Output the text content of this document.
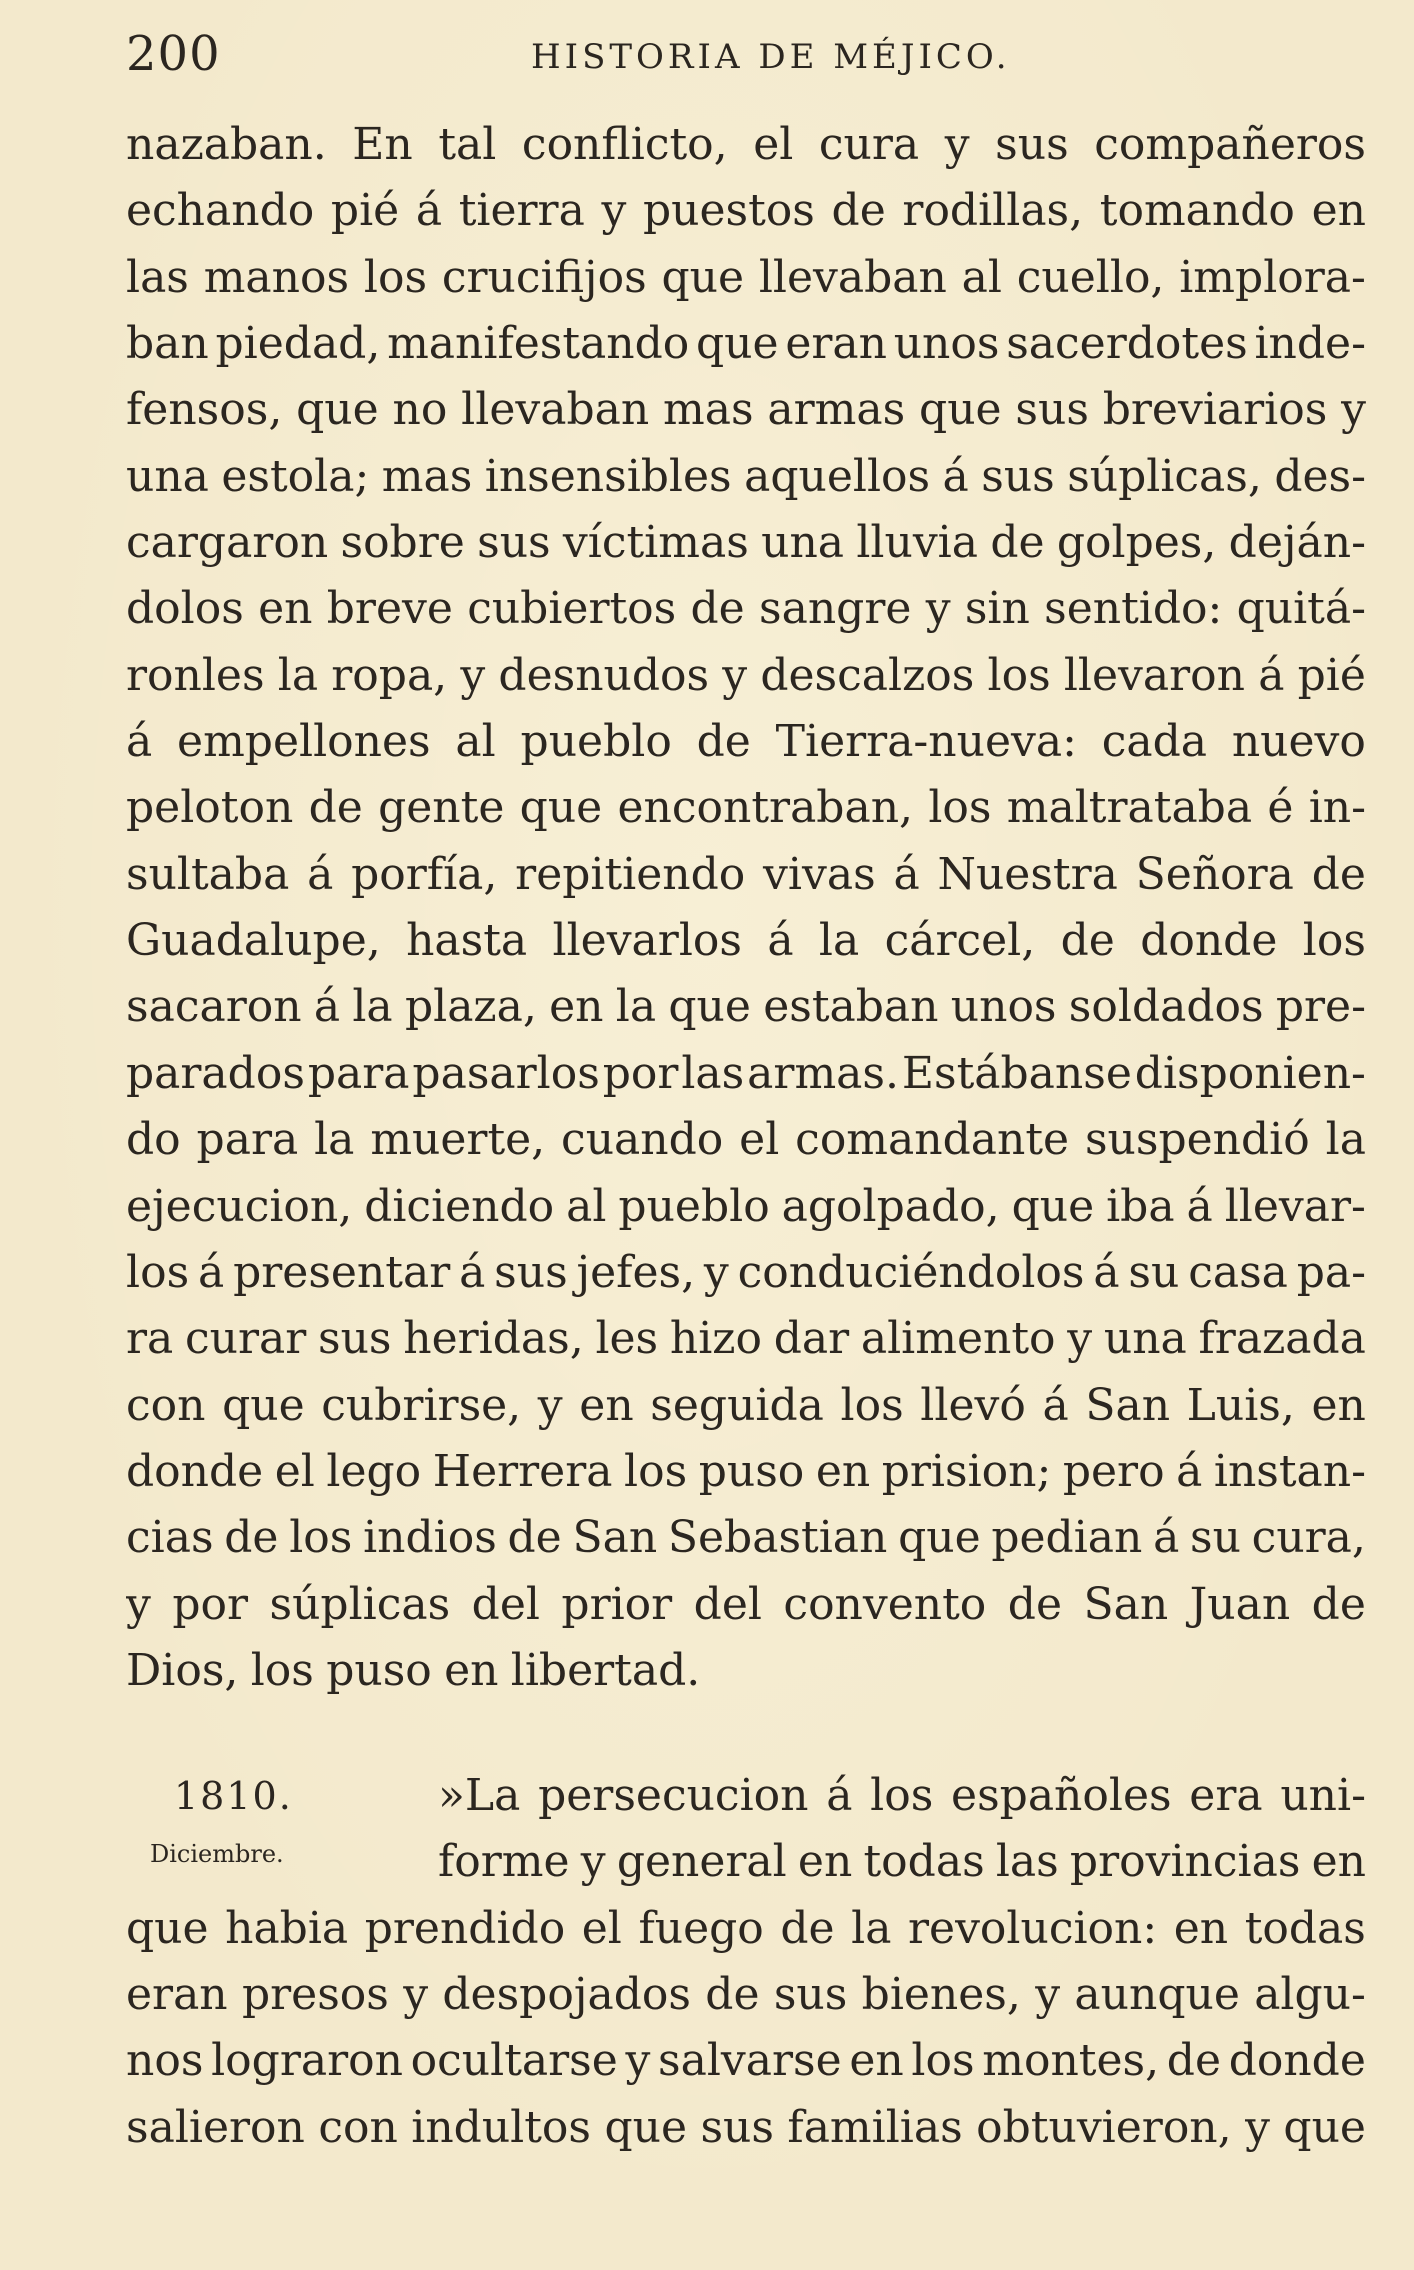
200	HISTORIA DE MÉJICO.
nazaban. En tal conflicto, el cura y sus compañeros
echando pié á tierra y puestos de rodillas, tomando en
las manos los crucifijos que llevaban al cuello, implora-
ban piedad, manifestando que eran unos sacerdotes inde-
fensos, que no llevaban mas armas que sus breviarios y
una estola; mas insensibles aquellos á sus súplicas, des-
cargaron sobre sus víctimas una lluvia de golpes, deján-
dolos en breve cubiertos de sangre y sin sentido: quitá-
ronles la ropa, y desnudos y descalzos los llevaron á pié
á empellones al pueblo de Tierra-nueva: cada nuevo
peloton de gente que encontraban, los maltrataba é in-
sultaba á porfía, repitiendo vivas á Nuestra Señora de
Guadalupe, hasta llevarlos á la cárcel, de donde los
sacaron á la plaza, en la que estaban unos soldados pre-
parados para pasarlos por las armas. Estábanse disponien-
do para la muerte, cuando el comandante suspendió la
ejecucion, diciendo al pueblo agolpado, que iba á llevar-
los á presentar á sus jefes, y conduciéndolos á su casa pa-
ra curar sus heridas, les hizo dar alimento y una frazada
con que cubrirse, y en seguida los llevó á San Luis, en
donde el lego Herrera los puso en prision; pero á instan-
cias de los indios de San Sebastian que pedian á su cura,
y por súplicas del prior del convento de San Juan de
Dios, los puso en libertad.
1810.
Diciembre.
»La persecucion á los españoles era uni-
forme y general en todas las provincias en
que habia prendido el fuego de la revolucion: en todas
eran presos y despojados de sus bienes, y aunque algu-
nos lograron ocultarse y salvarse en los montes, de donde
salieron con indultos que sus familias obtuvieron, y que
